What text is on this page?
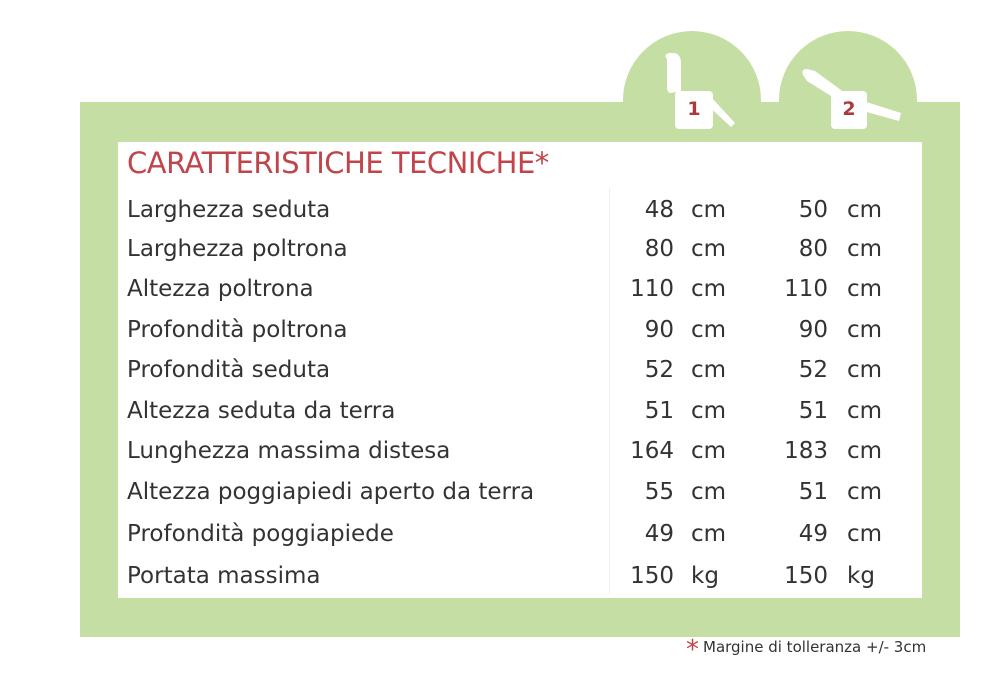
1	2
CARATTERISTICHE TECNICHE*
Larghezza seduta	48 cm	50 cm
Larghezza poltrona	80 cm	80 cm
Altezza poltrona	110 cm	110 cm
Profondità poltrona	90 cm	90 cm
Profondità seduta	52 cm	52 cm
Altezza seduta da terra	51 cm	51 cm
Lunghezza massima distesa	164 cm	183 cm
Altezza poggiapiedi aperto da terra	55 cm	51 cm
Profondità poggiapiede	49 cm	49 cm
Portata massima	150 kg	150 kg
* Margine di tolleranza +/- 3cm
